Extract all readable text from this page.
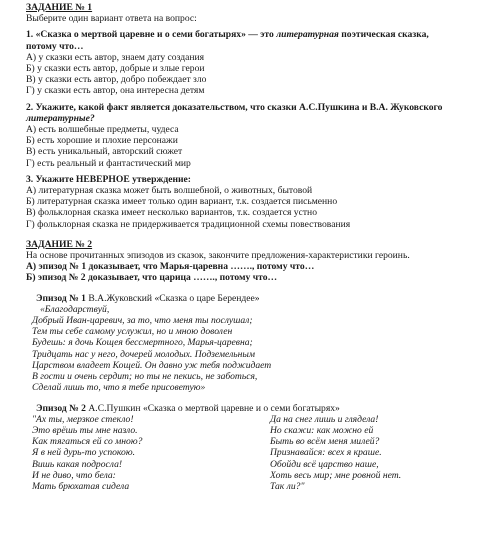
ЗАДАНИЕ № 1
Выберите один вариант ответа на вопрос:
1. «Сказка о мертвой царевне и о семи богатырях» — это литературная поэтическая сказка,
потому что…
А) у сказки есть автор, знаем дату создания
Б) у сказки есть автор, добрые и злые герои
В) у сказки есть автор, добро побеждает зло
Г) у сказки есть автор, она интересна детям
2. Укажите, какой факт является доказательством, что сказки А.С.Пушкина и В.А. Жуковского
литературные?
А) есть волшебные предметы, чудеса
Б) есть хорошие и плохие персонажи
В) есть уникальный, авторский сюжет
Г) есть реальный и фантастический мир
3. Укажите НЕВЕРНОЕ утверждение:
А) литературная сказка может быть волшебной, о животных, бытовой
Б) литературная сказка имеет только один вариант, т.к. создается письменно
В) фольклорная сказка имеет несколько вариантов, т.к. создается устно
Г) фольклорная сказка не придерживается традиционной схемы повествования
ЗАДАНИЕ № 2
На основе прочитанных эпизодов из сказок, закончите предложения-характеристики героинь.
А) эпизод № 1 доказывает, что Марья-царевна ……., потому что…
Б) эпизод № 2 доказывает, что царица ……., потому что…
Эпизод № 1 В.А.Жуковский «Сказка о царе Берендее»
«Благодарствуй,
Добрый Иван-царевич, за то, что меня ты послушал;
Тем ты себе самому услужил, но и мною доволен
Будешь: я дочь Кощея бессмертного, Марья-царевна;
Тридцать нас у него, дочерей молодых. Подземельным
Царством владеет Кощей. Он давно уж тебя поджидает
В гости и очень сердит; но ты не пекись, не заботься,
Сделай лишь то, что я тебе присоветую»
Эпизод № 2 А.С.Пушкин «Сказка о мертвой царевне и о семи богатырях»
"Ах ты, мерзкое стекло!
Это врёшь ты мне назло.
Как тягаться ей со мною?
Я в ней дурь-то успокою.
Вишь какая подросла!
И не диво, что бела:
Мать брюхатая сидела
Да на снег лишь и глядела!
Но скажи: как можно ей
Быть во всём меня милей?
Признавайся: всех я краше.
Обойди всё царство наше,
Хоть весь мир; мне ровной нет.
Так ли?"
